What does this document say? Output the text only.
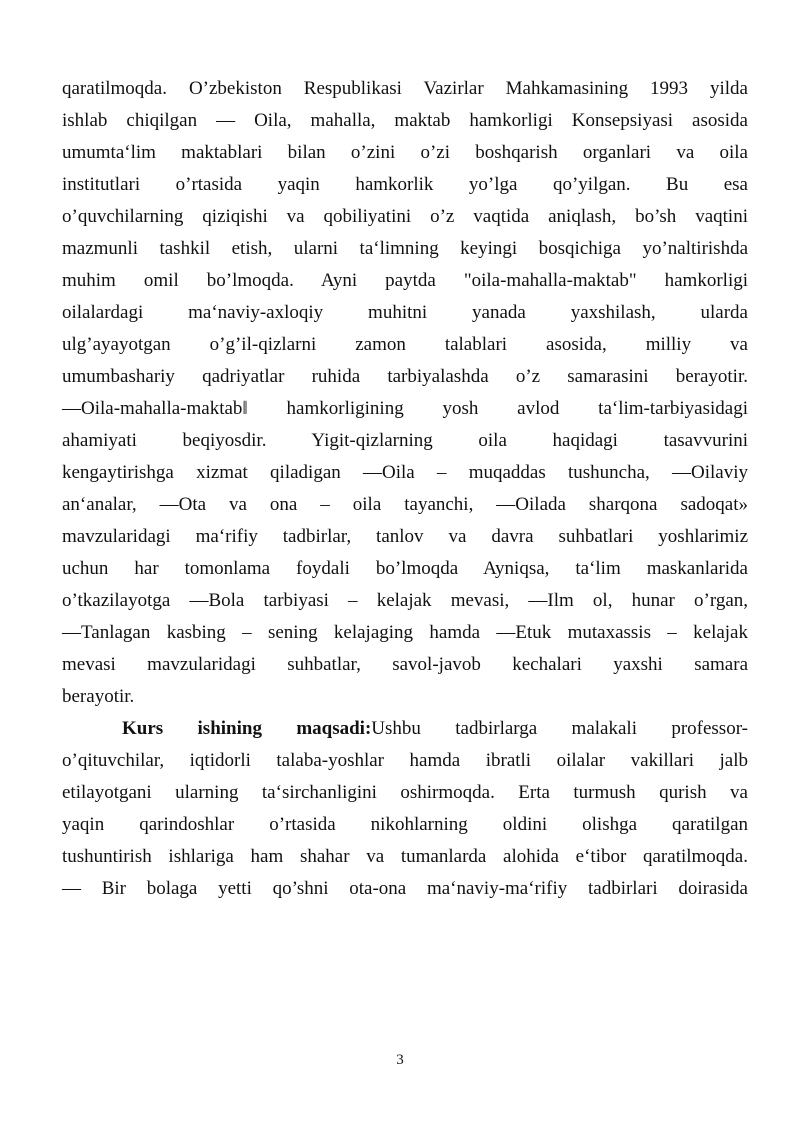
qaratilmoqda. O’zbekiston Respublikasi Vazirlar Mahkamasining 1993 yilda
ishlab chiqilgan — Oila, mahalla, maktab hamkorligi Konsepsiyasi asosida
umumta‘lim maktablari bilan o’zini o’zi boshqarish organlari va oila
institutlari o’rtasida yaqin hamkorlik yo’lga qo’yilgan. Bu esa
o’quvchilarning qiziqishi va qobiliyatini o’z vaqtida aniqlash, bo’sh vaqtini
mazmunli tashkil etish, ularni ta‘limning keyingi bosqichiga yo’naltirishda
muhim omil bo’lmoqda. Ayni paytda "oila-mahalla-maktab" hamkorligi
oilalardagi ma‘naviy-axloqiy muhitni yanada yaxshilash, ularda
ulg’ayayotgan o’g’il-qizlarni zamon talablari asosida, milliy va
umumbashariy qadriyatlar ruhida tarbiyalashda o’z samarasini berayotir.
―Oila-mahalla-maktab‖ hamkorligining yosh avlod ta‘lim-tarbiyasidagi
ahamiyati beqiyosdir. Yigit-qizlarning oila haqidagi tasavvurini
kengaytirishga xizmat qiladigan ―Oila – muqaddas tushuncha, ―Oilaviy
an‘analar, ―Ota va ona – oila tayanchi, ―Oilada sharqona sadoqat»
mavzularidagi ma‘rifiy tadbirlar, tanlov va davra suhbatlari yoshlarimiz
uchun har tomonlama foydali bo’lmoqda Ayniqsa, ta‘lim maskanlarida
o’tkazilayotga ―Bola tarbiyasi – kelajak mevasi, ―Ilm ol, hunar o’rgan,
―Tanlagan kasbing – sening kelajaging hamda ―Etuk mutaxassis – kelajak
mevasi mavzularidagi suhbatlar, savol-javob kechalari yaxshi samara
berayotir.
Kurs ishining maqsadi:Ushbu tadbirlarga malakali professor-
o’qituvchilar, iqtidorli talaba-yoshlar hamda ibratli oilalar vakillari jalb
etilayotgani ularning ta‘sirchanligini oshirmoqda. Erta turmush qurish va
yaqin qarindoshlar o’rtasida nikohlarning oldini olishga qaratilgan
tushuntirish ishlariga ham shahar va tumanlarda alohida e‘tibor qaratilmoqda.
― Bir bolaga yetti qo’shni ota-ona ma‘naviy-ma‘rifiy tadbirlari doirasida
3
